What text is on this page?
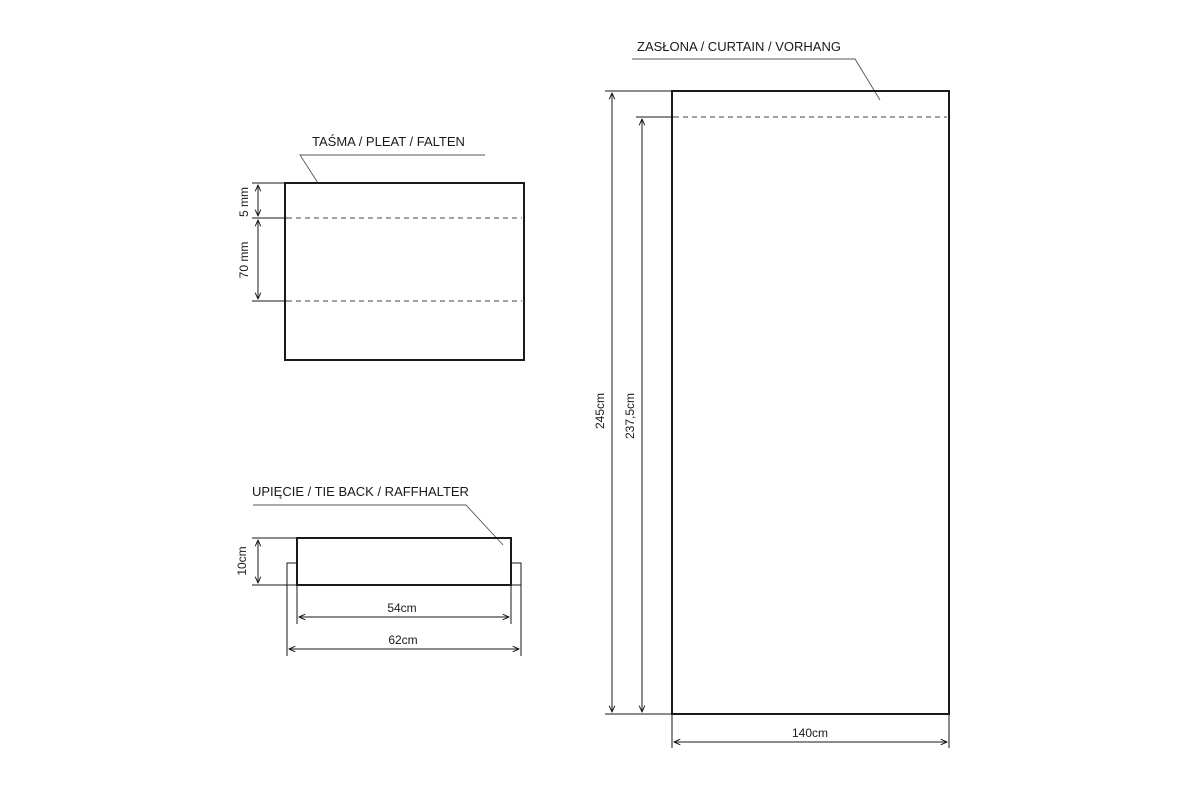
TAŚMA / PLEAT / FALTEN
5 mm
70 mm
UPIĘCIE / TIE BACK / RAFFHALTER
10cm
54cm
62cm
ZASŁONA / CURTAIN / VORHANG
245cm 237,5cm
140cm
